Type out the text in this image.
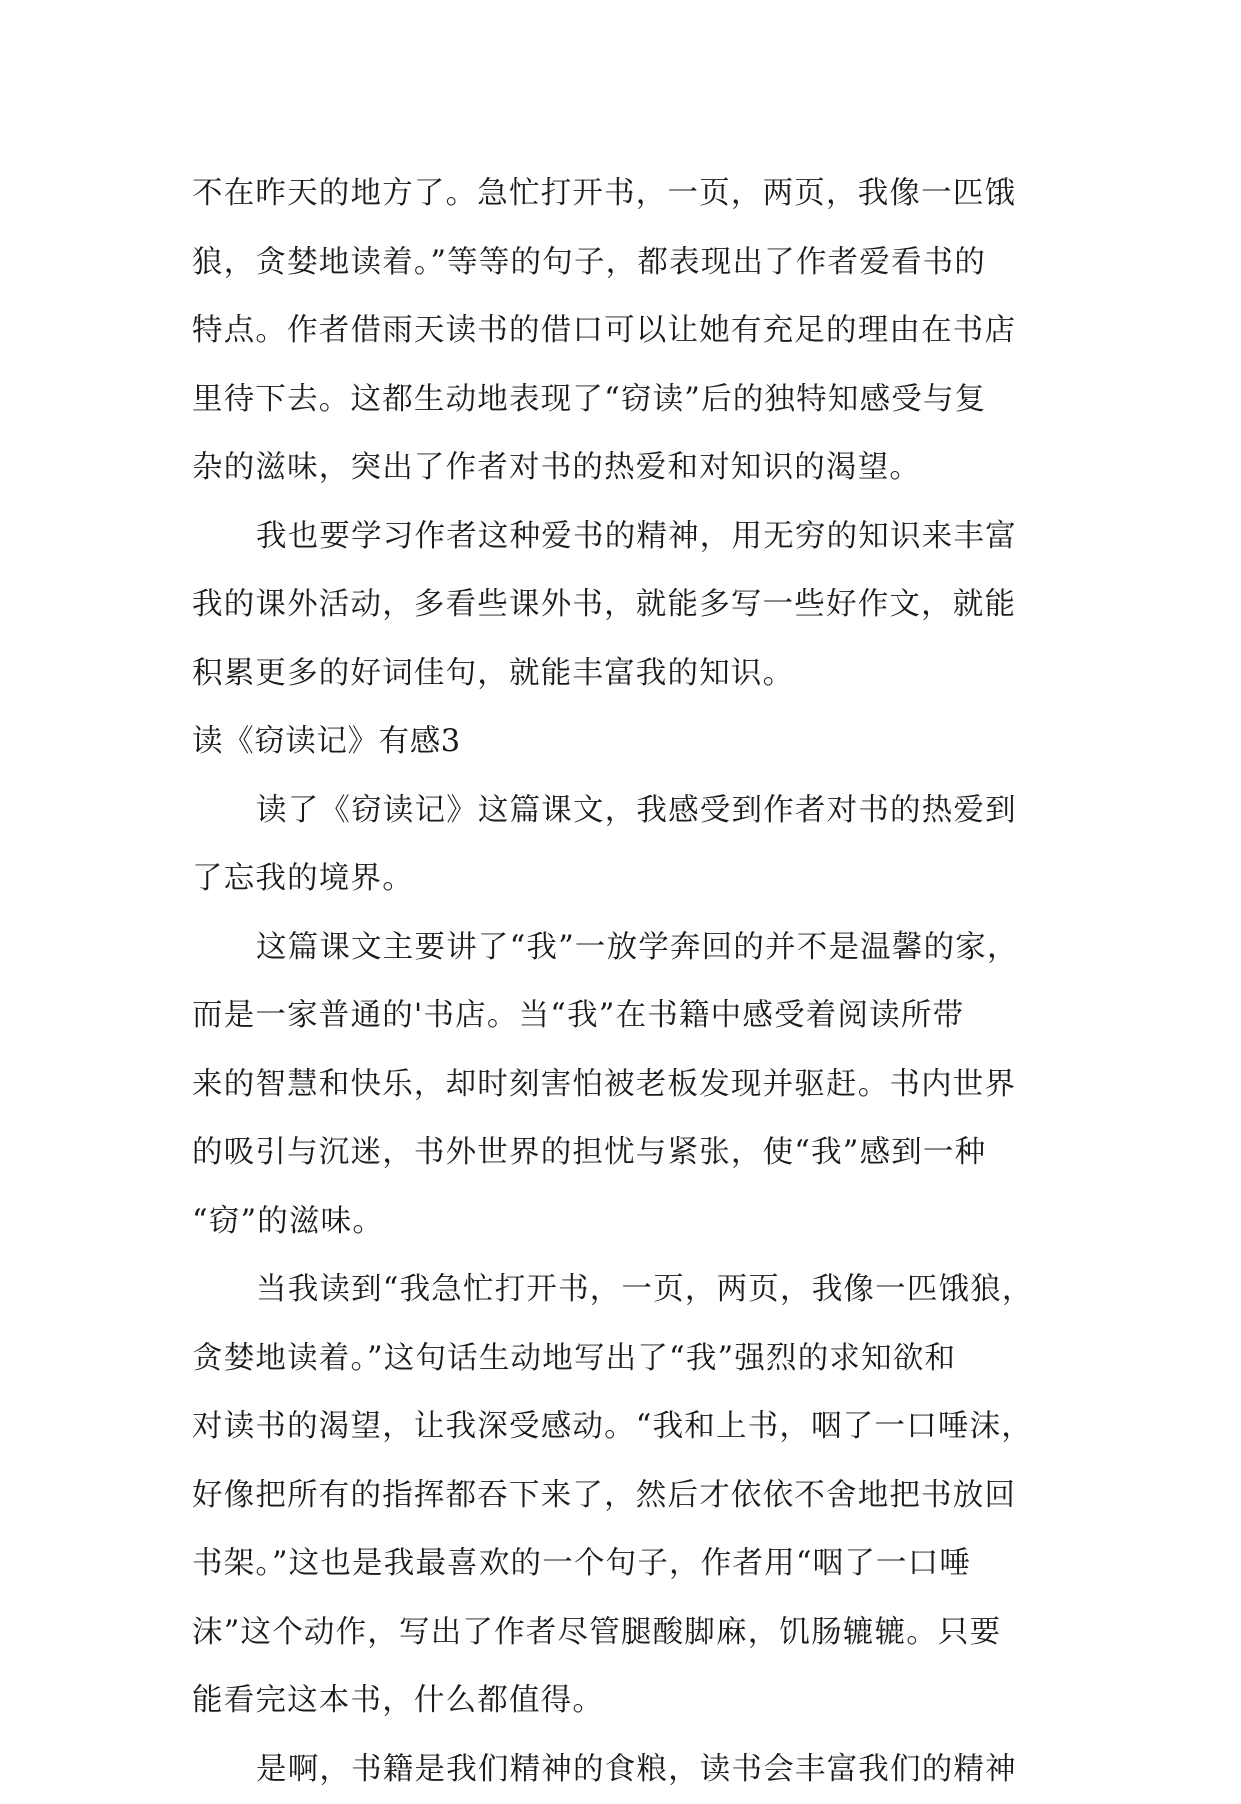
不在昨天的地方了。急忙打开书，一页，两页，我像一匹饿

狼，贪婪地读着。”等等的句子，都表现出了作者爱看书的

特点。作者借雨天读书的借口可以让她有充足的理由在书店

里待下去。这都生动地表现了“窃读”后的独特知感受与复

杂的滋味，突出了作者对书的热爱和对知识的渴望。

我也要学习作者这种爱书的精神，用无穷的知识来丰富

我的课外活动，多看些课外书，就能多写一些好作文，就能

积累更多的好词佳句，就能丰富我的知识。

读《窃读记》有感3

读了《窃读记》这篇课文，我感受到作者对书的热爱到

了忘我的境界。

这篇课文主要讲了“我”一放学奔回的并不是温馨的家，

而是一家普通的'书店。当“我”在书籍中感受着阅读所带

来的智慧和快乐，却时刻害怕被老板发现并驱赶。书内世界

的吸引与沉迷，书外世界的担忧与紧张，使“我”感到一种

“窃”的滋味。

当我读到“我急忙打开书，一页，两页，我像一匹饿狼，

贪婪地读着。”这句话生动地写出了“我”强烈的求知欲和

对读书的渴望，让我深受感动。“我和上书，咽了一口唾沫，

好像把所有的指挥都吞下来了，然后才依依不舍地把书放回

书架。”这也是我最喜欢的一个句子，作者用“咽了一口唾

沫”这个动作，写出了作者尽管腿酸脚麻，饥肠辘辘。只要

能看完这本书，什么都值得。

是啊，书籍是我们精神的食粮，读书会丰富我们的精神
